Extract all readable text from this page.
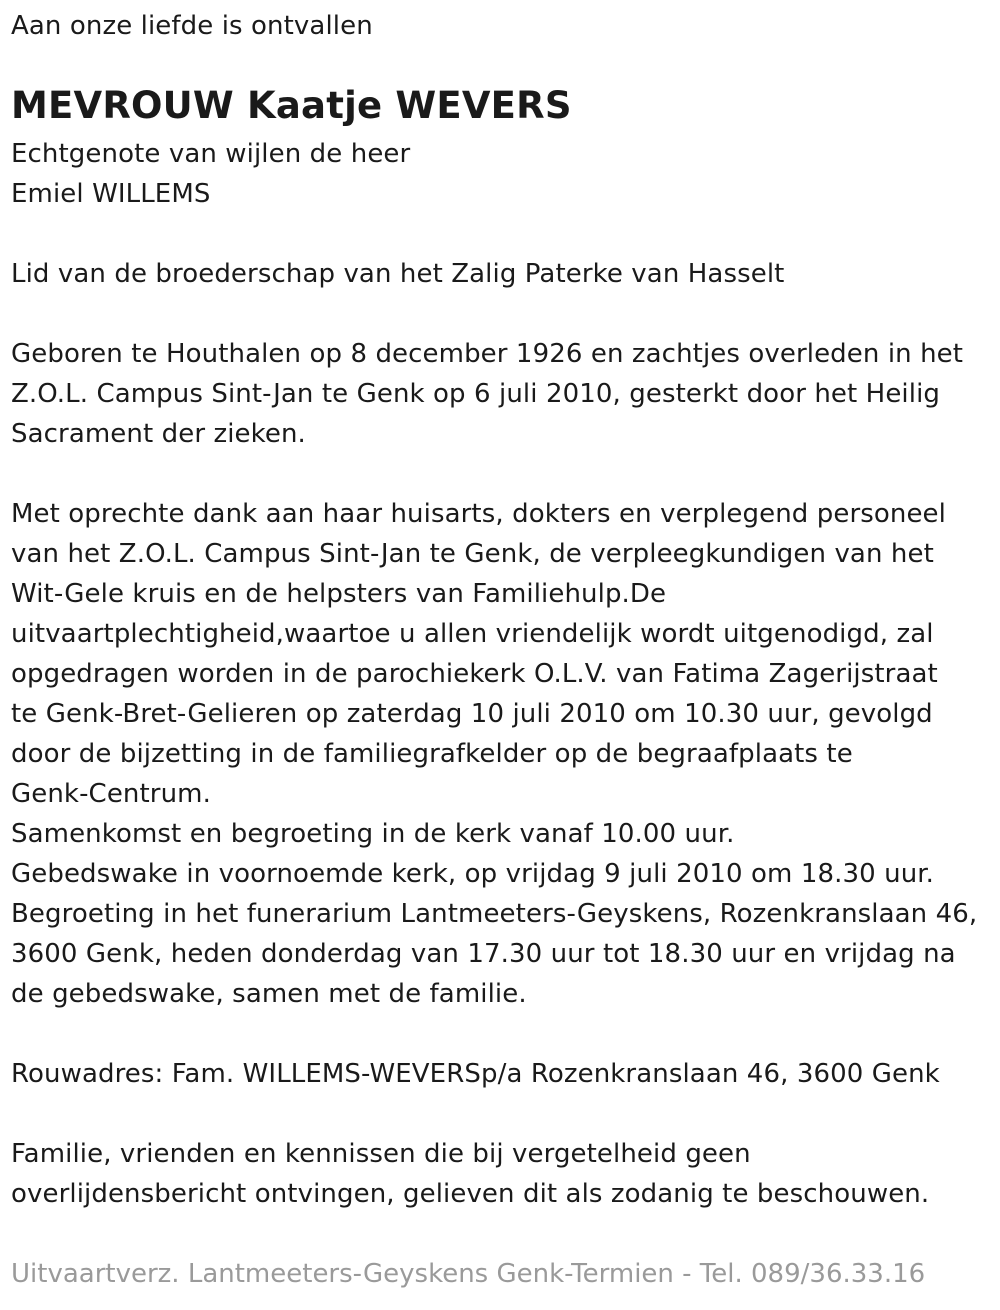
Aan onze liefde is ontvallen
MEVROUW Kaatje WEVERS
Echtgenote van wijlen de heer
Emiel WILLEMS
Lid van de broederschap van het Zalig Paterke van Hasselt
Geboren te Houthalen op 8 december 1926 en zachtjes overleden in het
Z.O.L. Campus Sint-Jan te Genk op 6 juli 2010, gesterkt door het Heilig
Sacrament der zieken.
Met oprechte dank aan haar huisarts, dokters en verplegend personeel
van het Z.O.L. Campus Sint-Jan te Genk, de verpleegkundigen van het
Wit-Gele kruis en de helpsters van Familiehulp.De
uitvaartplechtigheid,waartoe u allen vriendelijk wordt uitgenodigd, zal
opgedragen worden in de parochiekerk O.L.V. van Fatima Zagerijstraat
te Genk-Bret-Gelieren op zaterdag 10 juli 2010 om 10.30 uur, gevolgd
door de bijzetting in de familiegrafkelder op de begraafplaats te
Genk-Centrum.
Samenkomst en begroeting in de kerk vanaf 10.00 uur.
Gebedswake in voornoemde kerk, op vrijdag 9 juli 2010 om 18.30 uur.
Begroeting in het funerarium Lantmeeters-Geyskens, Rozenkranslaan 46,
3600 Genk, heden donderdag van 17.30 uur tot 18.30 uur en vrijdag na
de gebedswake, samen met de familie.
Rouwadres: Fam. WILLEMS-WEVERSp/a Rozenkranslaan 46, 3600 Genk
Familie, vrienden en kennissen die bij vergetelheid geen
overlijdensbericht ontvingen, gelieven dit als zodanig te beschouwen.
Uitvaartverz. Lantmeeters-Geyskens Genk-Termien - Tel. 089/36.33.16
